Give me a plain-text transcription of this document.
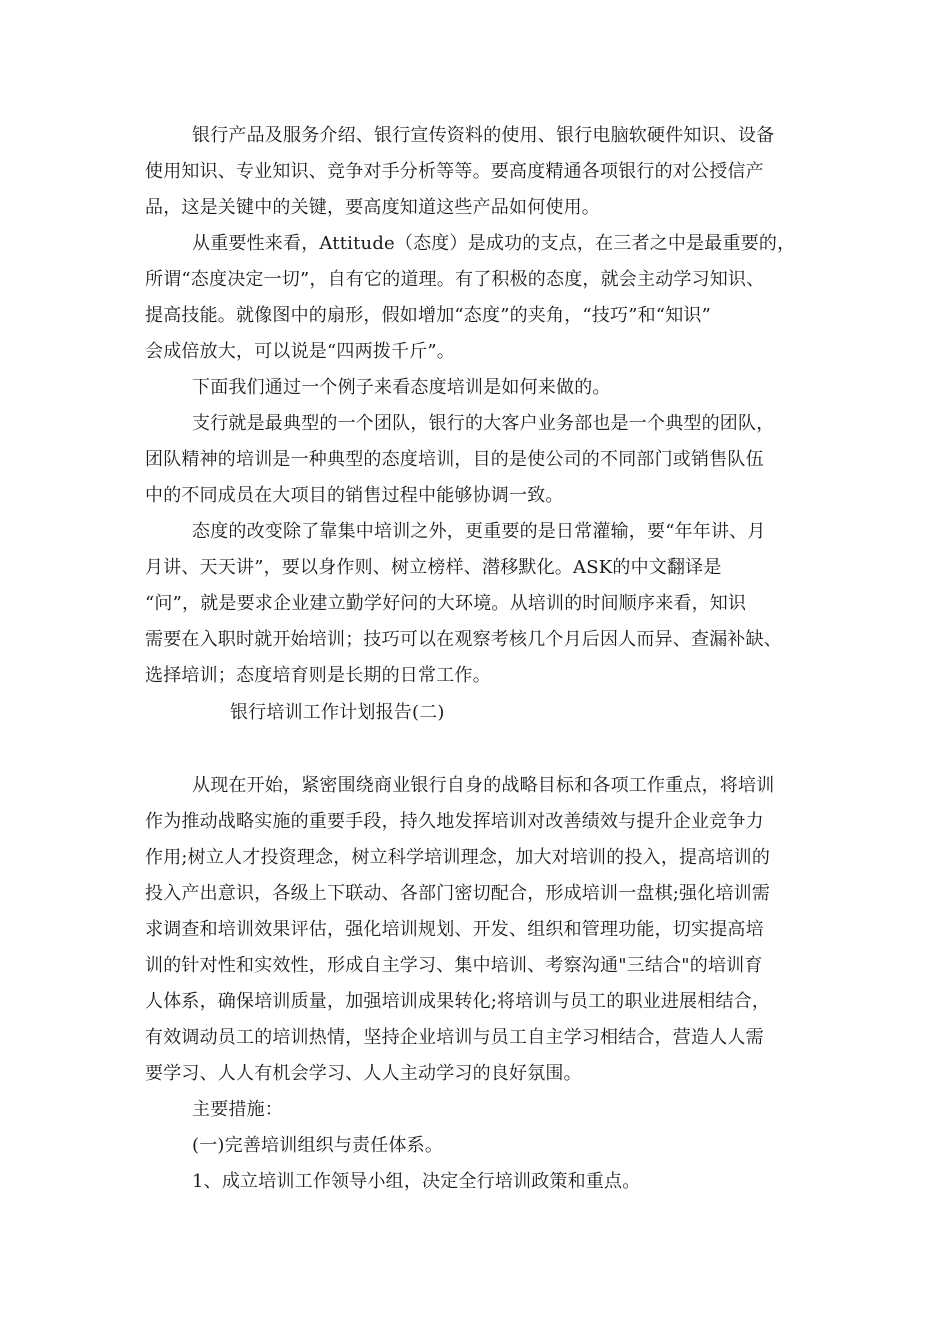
银行产品及服务介绍、银行宣传资料的使用、银行电脑软硬件知识、设备
使用知识、专业知识、竞争对手分析等等。要高度精通各项银行的对公授信产
品，这是关键中的关键，要高度知道这些产品如何使用。
从重要性来看，Attitude（态度）是成功的支点，在三者之中是最重要的，
所谓“态度决定一切”，自有它的道理。有了积极的态度，就会主动学习知识、
提高技能。就像图中的扇形，假如增加“态度”的夹角，“技巧”和“知识”
会成倍放大，可以说是“四两拨千斤”。
下面我们通过一个例子来看态度培训是如何来做的。
支行就是最典型的一个团队，银行的大客户业务部也是一个典型的团队，
团队精神的培训是一种典型的态度培训，目的是使公司的不同部门或销售队伍
中的不同成员在大项目的销售过程中能够协调一致。
态度的改变除了靠集中培训之外，更重要的是日常灌输，要“年年讲、月
月讲、天天讲”，要以身作则、树立榜样、潜移默化。ASK的中文翻译是
“问”，就是要求企业建立勤学好问的大环境。从培训的时间顺序来看，知识
需要在入职时就开始培训；技巧可以在观察考核几个月后因人而异、查漏补缺、
选择培训；态度培育则是长期的日常工作。
银行培训工作计划报告(二)
从现在开始，紧密围绕商业银行自身的战略目标和各项工作重点，将培训
作为推动战略实施的重要手段，持久地发挥培训对改善绩效与提升企业竞争力
作用;树立人才投资理念，树立科学培训理念，加大对培训的投入，提高培训的
投入产出意识，各级上下联动、各部门密切配合，形成培训一盘棋;强化培训需
求调查和培训效果评估，强化培训规划、开发、组织和管理功能，切实提高培
训的针对性和实效性，形成自主学习、集中培训、考察沟通"三结合"的培训育
人体系，确保培训质量，加强培训成果转化;将培训与员工的职业进展相结合，
有效调动员工的培训热情，坚持企业培训与员工自主学习相结合，营造人人需
要学习、人人有机会学习、人人主动学习的良好氛围。
主要措施：
(一)完善培训组织与责任体系。
1、成立培训工作领导小组，决定全行培训政策和重点。
